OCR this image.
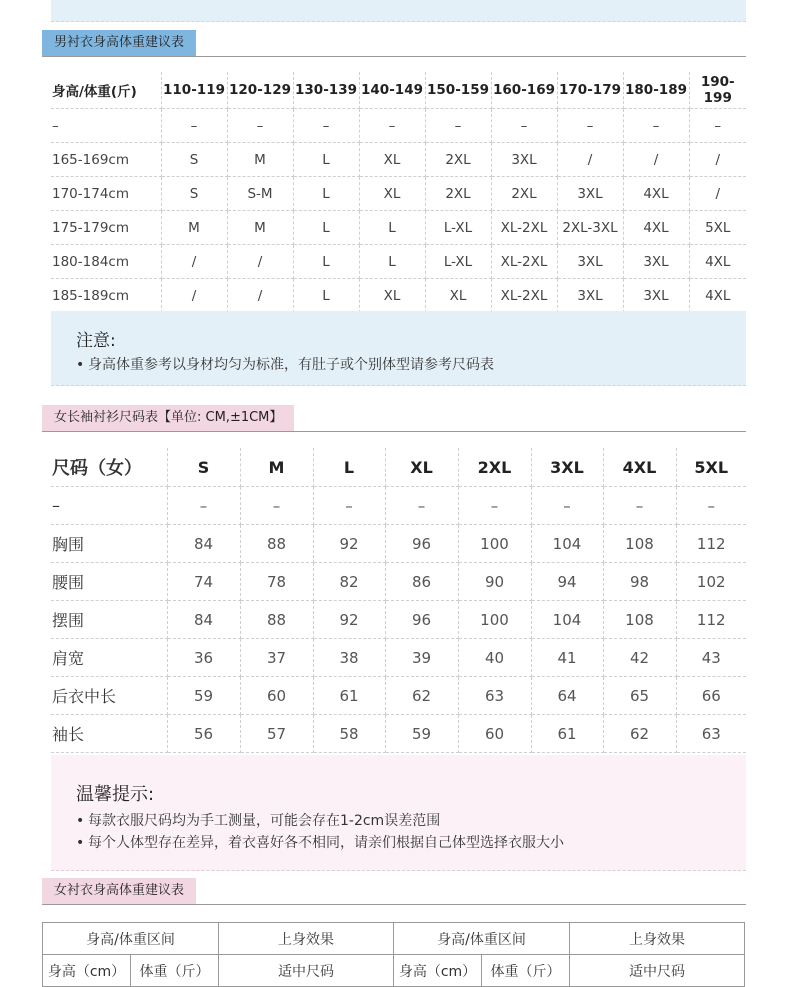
男衬衣身高体重建议表
身高/体重(斤)	110-119	120-129	130-139	140-149	150-159	160-169	170-179	180-189	190-199
–	–	–	–	–	–	–	–	–	–
165-169cm	S	M	L	XL	2XL	3XL	/	/	/
170-174cm	S	S-M	L	XL	2XL	2XL	3XL	4XL	/
175-179cm	M	M	L	L	L-XL	XL-2XL	2XL-3XL	4XL	5XL
180-184cm	/	/	L	L	L-XL	XL-2XL	3XL	3XL	4XL
185-189cm	/	/	L	XL	XL	XL-2XL	3XL	3XL	4XL
注意:
• 身高体重参考以身材均匀为标准，有肚子或个别体型请参考尺码表
女长袖衬衫尺码表【单位: CM,±1CM】
尺码（女）	S	M	L	XL	2XL	3XL	4XL	5XL
–	–	–	–	–	–	–	–	–
胸围	84	88	92	96	100	104	108	112
腰围	74	78	82	86	90	94	98	102
摆围	84	88	92	96	100	104	108	112
肩宽	36	37	38	39	40	41	42	43
后衣中长	59	60	61	62	63	64	65	66
袖长	56	57	58	59	60	61	62	63
温馨提示:
• 每款衣服尺码均为手工测量，可能会存在1-2cm误差范围
• 每个人体型存在差异，着衣喜好各不相同，请亲们根据自己体型选择衣服大小
女衬衣身高体重建议表
身高/体重区间		上身效果	身高/体重区间		上身效果
身高（cm）	体重（斤）	适中尺码	身高（cm）	体重（斤）	适中尺码
